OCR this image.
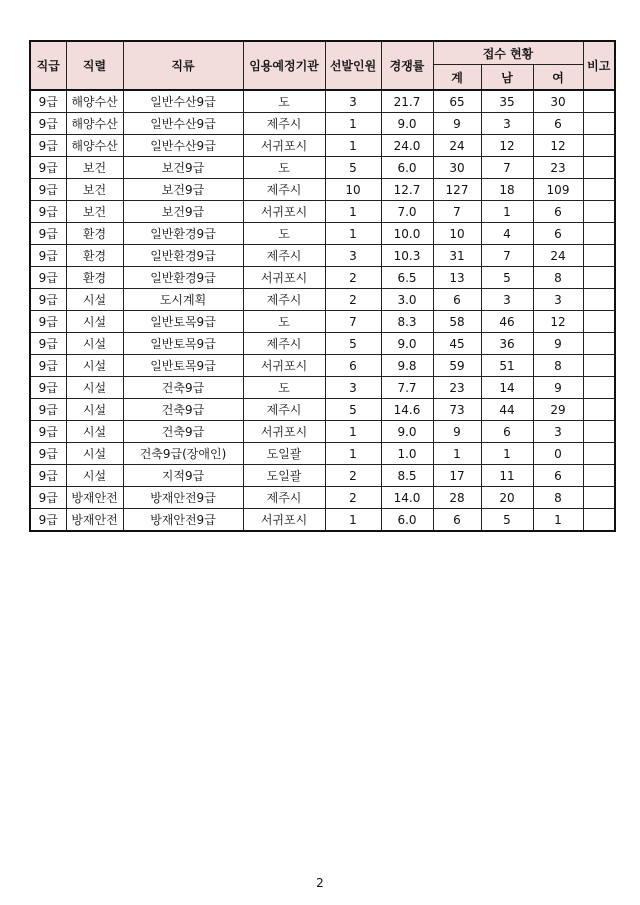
직급	직렬	직류	임용예정기관	선발인원	경쟁률	접수 현황			비고
						계	남	여	
9급	해양수산	일반수산9급	도	3	21.7	65	35	30	
9급	해양수산	일반수산9급	제주시	1	9.0	9	3	6	
9급	해양수산	일반수산9급	서귀포시	1	24.0	24	12	12	
9급	보건	보건9급	도	5	6.0	30	7	23	
9급	보건	보건9급	제주시	10	12.7	127	18	109	
9급	보건	보건9급	서귀포시	1	7.0	7	1	6	
9급	환경	일반환경9급	도	1	10.0	10	4	6	
9급	환경	일반환경9급	제주시	3	10.3	31	7	24	
9급	환경	일반환경9급	서귀포시	2	6.5	13	5	8	
9급	시설	도시계획	제주시	2	3.0	6	3	3	
9급	시설	일반토목9급	도	7	8.3	58	46	12	
9급	시설	일반토목9급	제주시	5	9.0	45	36	9	
9급	시설	일반토목9급	서귀포시	6	9.8	59	51	8	
9급	시설	건축9급	도	3	7.7	23	14	9	
9급	시설	건축9급	제주시	5	14.6	73	44	29	
9급	시설	건축9급	서귀포시	1	9.0	9	6	3	
9급	시설	건축9급(장애인)	도일괄	1	1.0	1	1	0	
9급	시설	지적9급	도일괄	2	8.5	17	11	6	
9급	방재안전	방재안전9급	제주시	2	14.0	28	20	8	
9급	방재안전	방재안전9급	서귀포시	1	6.0	6	5	1	
2
